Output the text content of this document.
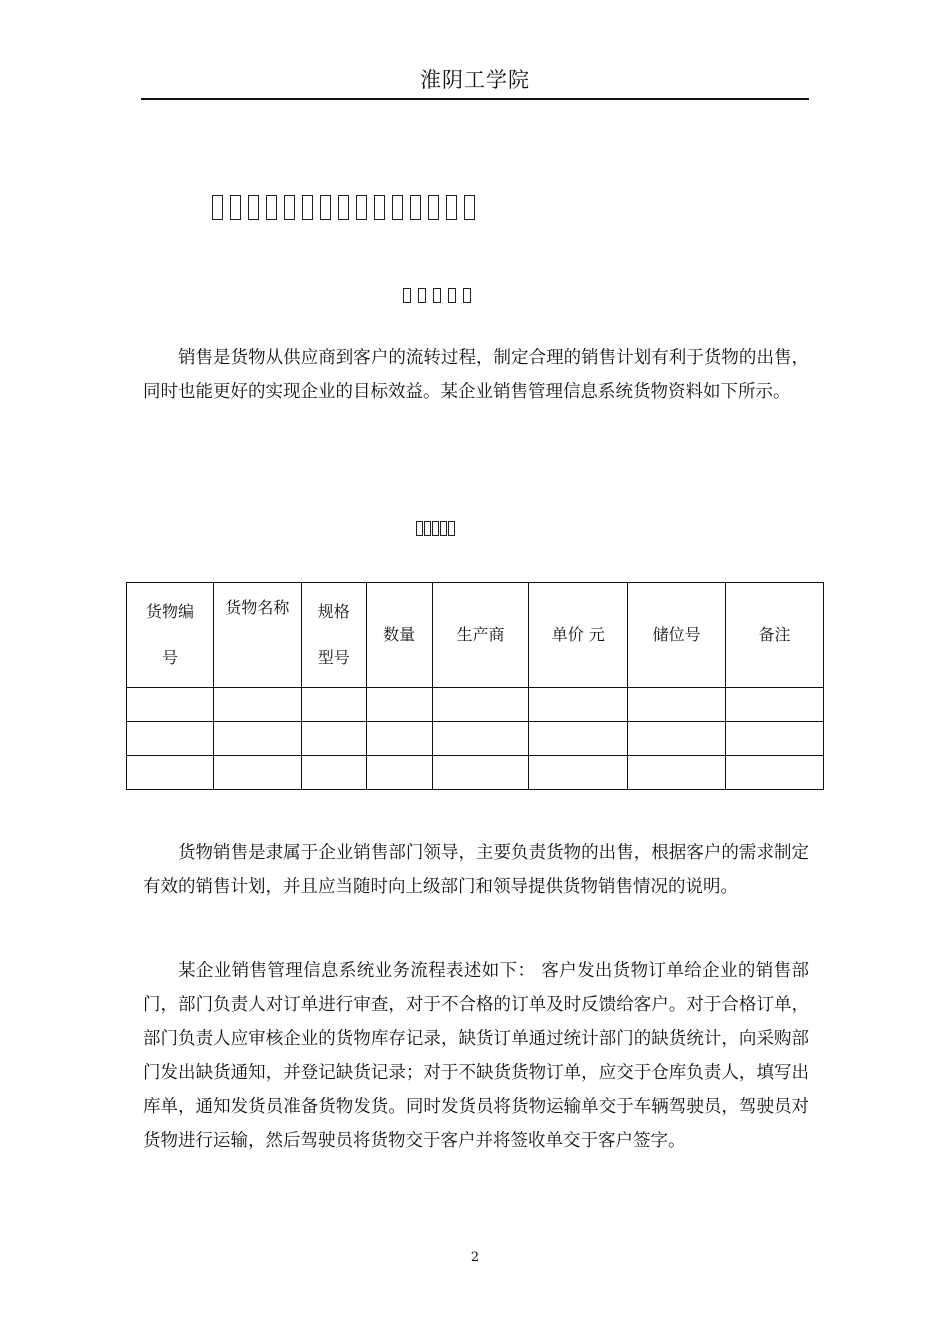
淮阴工学院

销售是货物从供应商到客户的流转过程，制定合理的销售计划有利于货物的出售，同时也能更好的实现企业的目标效益。某企业销售管理信息系统货物资料如下所示。

货物编号	货物名称	规格型号	数量	生产商	单价 元	储位号	备注

货物销售是隶属于企业销售部门领导，主要负责货物的出售，根据客户的需求制定有效的销售计划，并且应当随时向上级部门和领导提供货物销售情况的说明。

某企业销售管理信息系统业务流程表述如下： 客户发出货物订单给企业的销售部门，部门负责人对订单进行审查，对于不合格的订单及时反馈给客户。对于合格订单，部门负责人应审核企业的货物库存记录，缺货订单通过统计部门的缺货统计，向采购部门发出缺货通知，并登记缺货记录；对于不缺货货物订单，应交于仓库负责人，填写出库单，通知发货员准备货物发货。同时发货员将货物运输单交于车辆驾驶员，驾驶员对货物进行运输，然后驾驶员将货物交于客户并将签收单交于客户签字。

2
